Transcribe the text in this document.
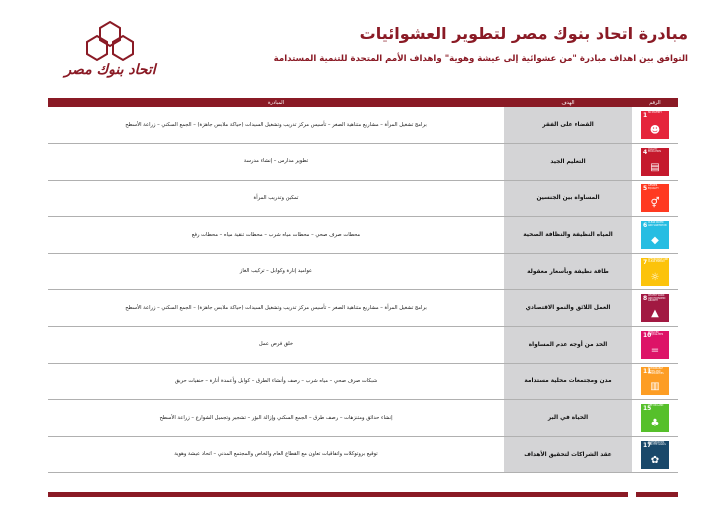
مبادرة اتحاد بنوك مصر لتطوير العشوائيات
التوافق بين اهداف مبادرة "من عشوائية إلى عيشة وهوية" واهداف الأمم المتحدة للتنمية المستدامة
اتحاد بنوك مصر
الرقم	الهدف	المبادرة

1 NO POVERTY
☻	القضاء على الفقر	برامج تشغيل المرأة – مشاريع متناهية الصغر – تأسيس مركز تدريب وتشغيل السيدات (حياكة ملابس جاهزة) – الجمع السكني – زراعة الأسطح

4 QUALITY EDUCATION
▤	التعليم الجيد	تطوير مدارس – إنشاء مدرسة

5 GENDER EQUALITY
⚥	المساواة بين الجنسين	تمكين وتدريب المرأة

6 CLEAN WATER AND SANITATION
◆	المياه النظيفة والنظافة الصحية	محطات صرف صحي – محطات مياه شرب – محطات تنقية مياه – محطات رفع

7 AFFORDABLE AND CLEAN ENERGY
☼	طاقة نظيفة وبأسعار معقولة	عواميد إنارة وكوابل – تركيب الغاز

8 DECENT WORK AND ECONOMIC GROWTH
▲	العمل اللائق والنمو الاقتصادي	برامج تشغيل المرأة – مشاريع متناهية الصغر – تأسيس مركز تدريب وتشغيل السيدات (حياكة ملابس جاهزة) – الجمع السكني – زراعة الأسطح

10
REDUCED INEQUALITIES
=	الحد من أوجه عدم المساواة	خلق فرص عمل

11
SUSTAINABLE CITIES AND COMMUNITIES
▥	مدن ومجتمعات محلية مستدامة	شبكات صرف صحي – مياه شرب – رصف وأنشاء الطرق – كوابل وأعمدة أنارة – حنفيات حريق

15
LIFE ON LAND
♣	الحياة في البر	إنشاء حدائق ومتنزهات – رصف طرق – الجمع السكني وإزالة البؤر – تشجير وتجميل الشوارع – زراعة الأسطح

17
PARTNERSHIPS FOR THE GOALS
✿	عقد الشراكات لتحقيق الأهداف	توقيع بروتوكلات واتفاقيات تعاون مع القطاع العام والخاص والمجتمع المدني – اتحاد عيشة وهوية
